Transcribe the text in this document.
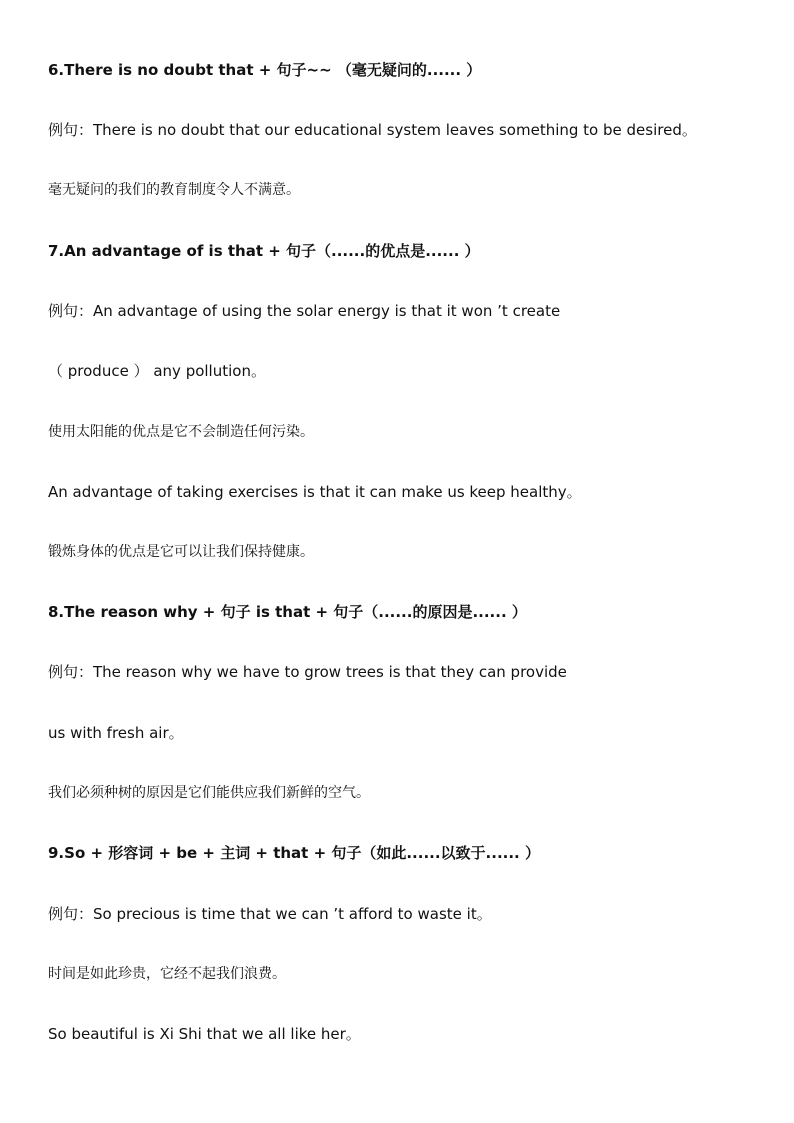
6.There is no doubt that + 句子~~ （毫无疑问的...... ）
例句：There is no doubt that our educational system leaves something to be desired。
毫无疑问的我们的教育制度令人不满意。
7.An advantage of is that + 句子（......的优点是...... ）
例句：An advantage of using the solar energy is that it won ’t create
（ produce ） any pollution。
使用太阳能的优点是它不会制造任何污染。
An advantage of taking exercises is that it can make us keep healthy。
锻炼身体的优点是它可以让我们保持健康。
8.The reason why + 句子 is that + 句子（......的原因是...... ）
例句：The reason why we have to grow trees is that they can provide
us with fresh air。
我们必须种树的原因是它们能供应我们新鲜的空气。
9.So + 形容词 + be + 主词 + that + 句子（如此......以致于...... ）
例句：So precious is time that we can ’t afford to waste it。
时间是如此珍贵，它经不起我们浪费。
So beautiful is Xi Shi that we all like her。
